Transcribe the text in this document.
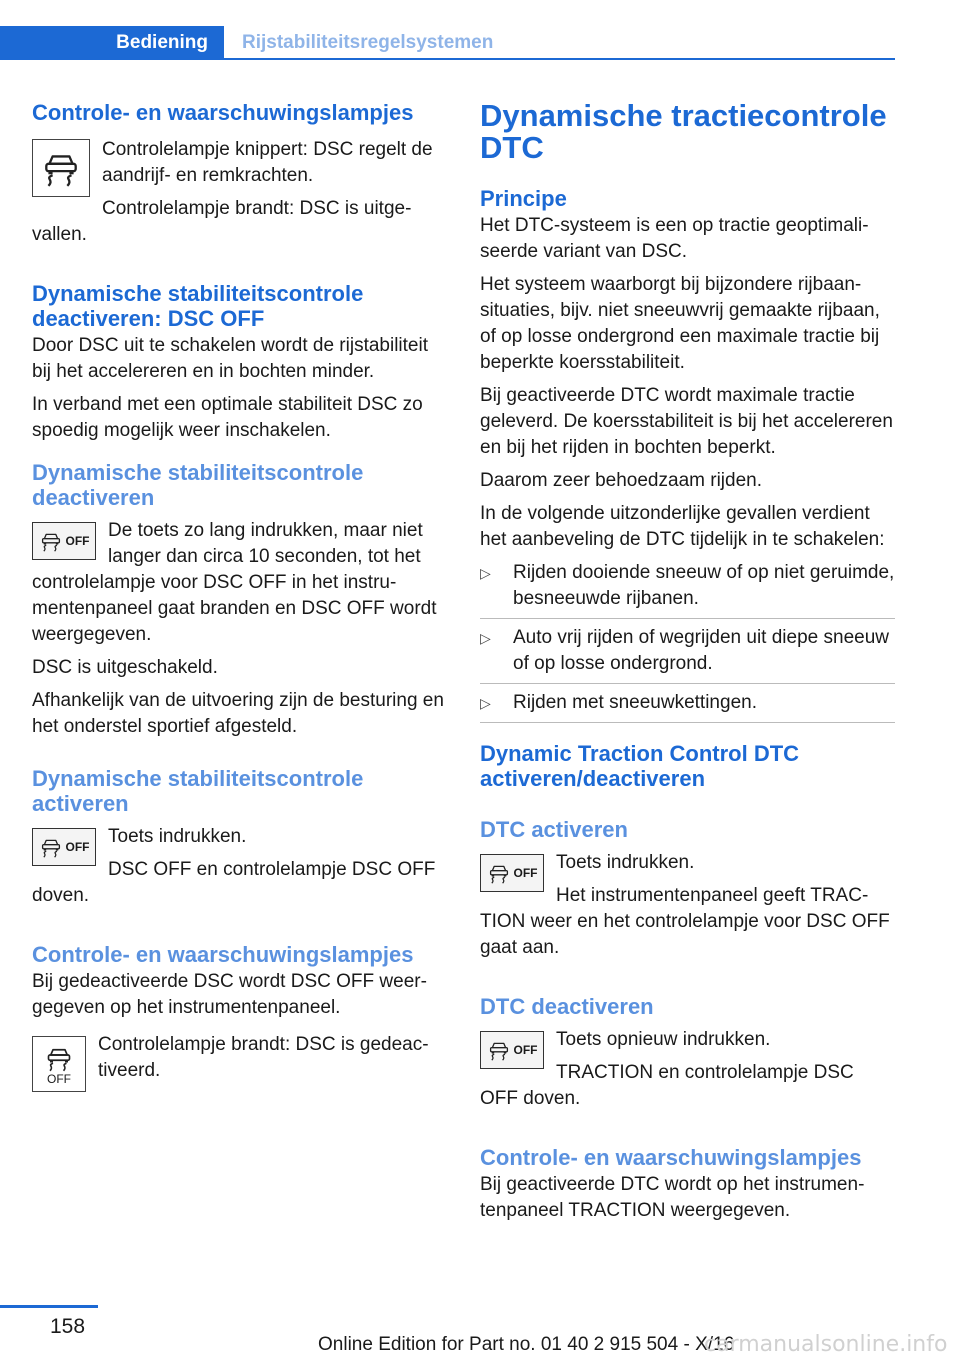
Bediening	Rijstabiliteitsregelsystemen
Controle- en waarschuwingslampjes

Controlelampje knippert: DSC regelt de aandrijf- en remkrachten.

Controlelampje brandt: DSC is uitgevallen.

Dynamische stabiliteitscontrole deactiveren: DSC OFF

Door DSC uit te schakelen wordt de rijstabiliteit bij het accelereren en in bochten minder.

In verband met een optimale stabiliteit DSC zo spoedig mogelijk weer inschakelen.

Dynamische stabiliteitscontrole deactiveren
OFF De toets zo lang indrukken, maar niet langer dan circa 10 seconden, tot het controlelampje voor DSC OFF in het instrumentenpaneel gaat branden en DSC OFF wordt weergegeven.

DSC is uitgeschakeld.

Afhankelijk van de uitvoering zijn de besturing en het onderstel sportief afgesteld.

Dynamische stabiliteitscontrole activeren
OFF Toets indrukken.

DSC OFF en controlelampje DSC OFF doven.

Controle- en waarschuwingslampjes

Bij gedeactiveerde DSC wordt DSC OFF weergegeven op het instrumentenpaneel.

OFF

Controlelampje brandt: DSC is gedeactiveerd.

Dynamische tractiecontrole DTC
Principe

Het DTC-systeem is een op tractie geoptimaliseerde variant van DSC.

Het systeem waarborgt bij bijzondere rijbaansituaties, bijv. niet sneeuwvrij gemaakte rijbaan, of op losse ondergrond een maximale tractie bij beperkte koersstabiliteit.

Bij geactiveerde DTC wordt maximale tractie geleverd. De koersstabiliteit is bij het accelereren en bij het rijden in bochten beperkt.

Daarom zeer behoedzaam rijden.

In de volgende uitzonderlijke gevallen verdient het aanbeveling de DTC tijdelijk in te schakelen:

▷ Rijden dooiende sneeuw of op niet geruimde, besneeuwde rijbanen.
▷ Auto vrij rijden of wegrijden uit diepe sneeuw of op losse ondergrond.
▷ Rijden met sneeuwkettingen.
Dynamic Traction Control DTC activeren/deactiveren
DTC activeren
OFF Toets indrukken.

Het instrumentenpaneel geeft TRACTION weer en het controlelampje voor DSC OFF gaat aan.

DTC deactiveren
OFF Toets opnieuw indrukken.

TRACTION en controlelampje DSC OFF doven.

Controle- en waarschuwingslampjes

Bij geactiveerde DTC wordt op het instrumentenpaneel TRACTION weergegeven.

158
Online Edition for Part no. 01 40 2 915 504 - X/16
carmanualsonline.info
